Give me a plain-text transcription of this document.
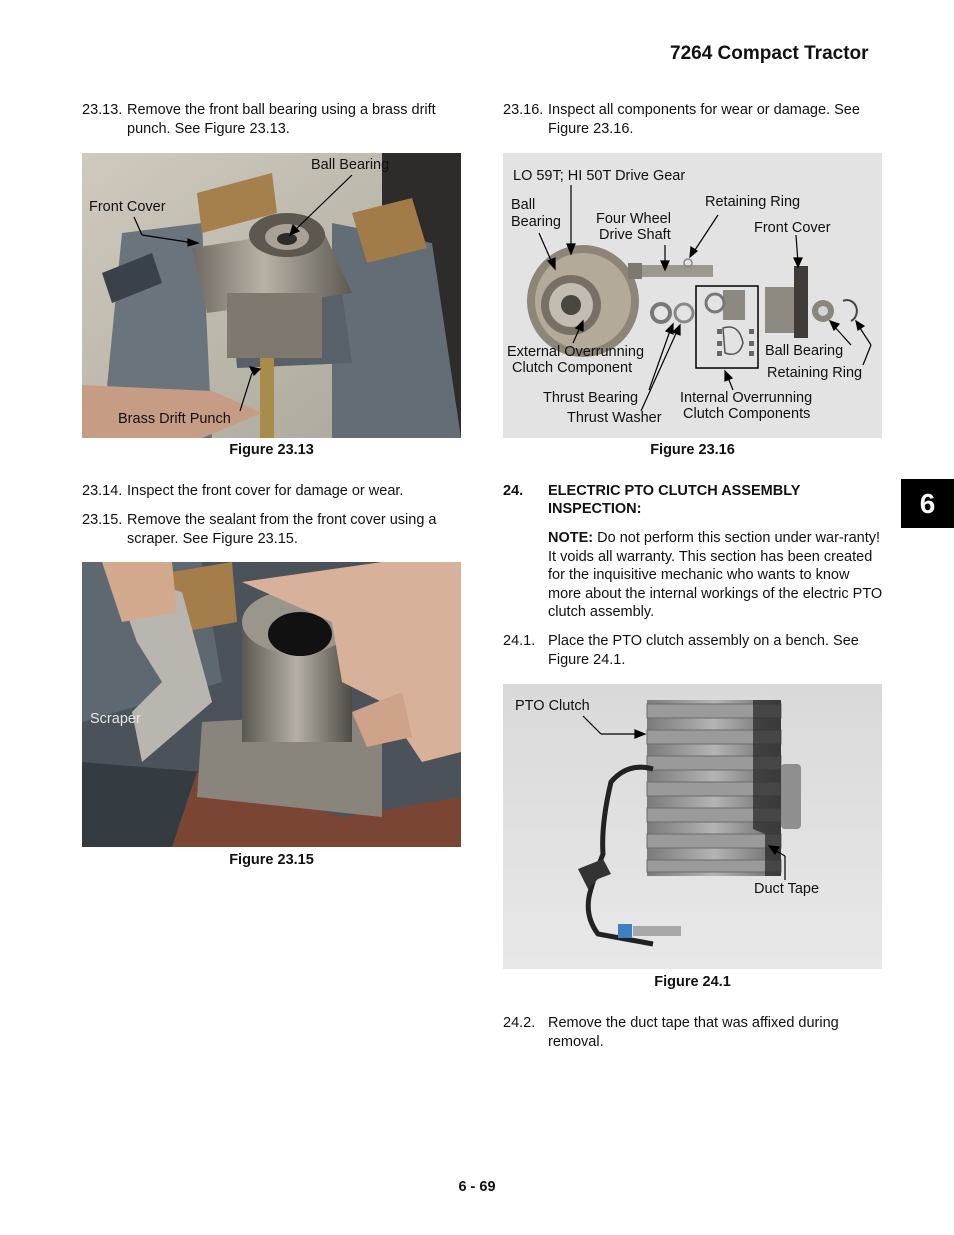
7264 Compact Tractor
23.13. Remove the front ball bearing using a brass drift punch. See Figure 23.13.
Ball Bearing
Front Cover
Brass Drift Punch
Figure 23.13
23.14. Inspect the front cover for damage or wear.
23.15. Remove the sealant from the front cover using a scraper. See Figure 23.15.
Scraper
Figure 23.15
23.16. Inspect all components for wear or damage. See Figure 23.16.
LO 59T; HI 50T Drive Gear
Retaining Ring
Ball
Bearing Four Wheel
Drive Shaft	Front Cover
External Overrunning
Clutch Component
Ball Bearing
Retaining Ring
Thrust Bearing
Thrust Washer
Internal Overrunning
Clutch Components
Figure 23.16
24. ELECTRIC PTO CLUTCH ASSEMBLY
INSPECTION:
NOTE: Do not perform this section under war-ranty! It voids all warranty. This section has been created for the inquisitive mechanic who wants to know more about the internal workings of the electric PTO clutch assembly.
24.1. Place the PTO clutch assembly on a bench. See Figure 24.1.
PTO Clutch
Duct Tape
Figure 24.1
24.2. Remove the duct tape that was affixed during removal.
6
6 - 69
